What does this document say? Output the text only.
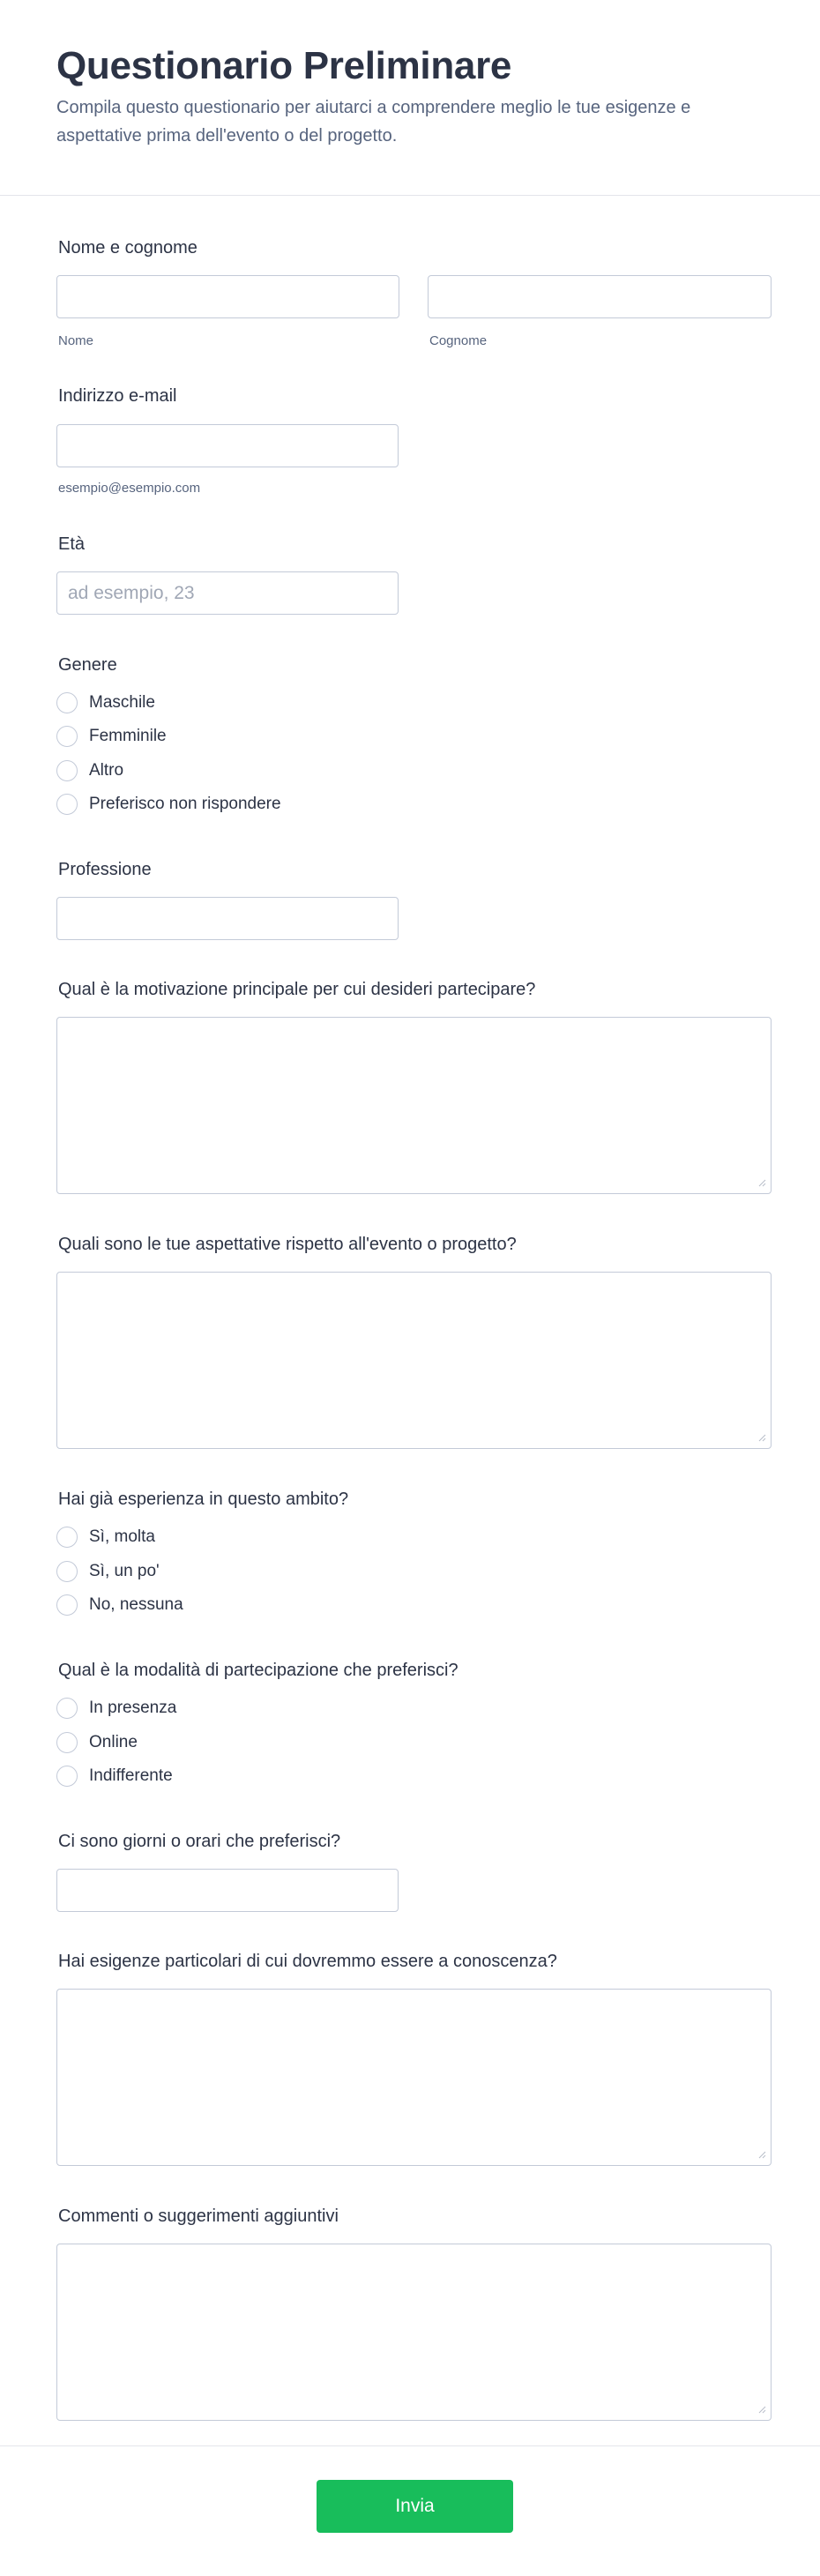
Questionario Preliminare

Compila questo questionario per aiutarci a comprendere meglio le tue esigenze e aspettative prima dell'evento o del progetto.

Nome e cognome
Nome	Cognome
Indirizzo e-mail
esempio@esempio.com
Età
ad esempio, 23
Genere
Maschile
Femminile
Altro
Preferisco non rispondere
Professione
Qual è la motivazione principale per cui desideri partecipare?
Quali sono le tue aspettative rispetto all'evento o progetto?
Hai già esperienza in questo ambito?
Sì, molta
Sì, un po'
No, nessuna
Qual è la modalità di partecipazione che preferisci?
In presenza
Online
Indifferente
Ci sono giorni o orari che preferisci?
Hai esigenze particolari di cui dovremmo essere a conoscenza?
Commenti o suggerimenti aggiuntivi
Invia
